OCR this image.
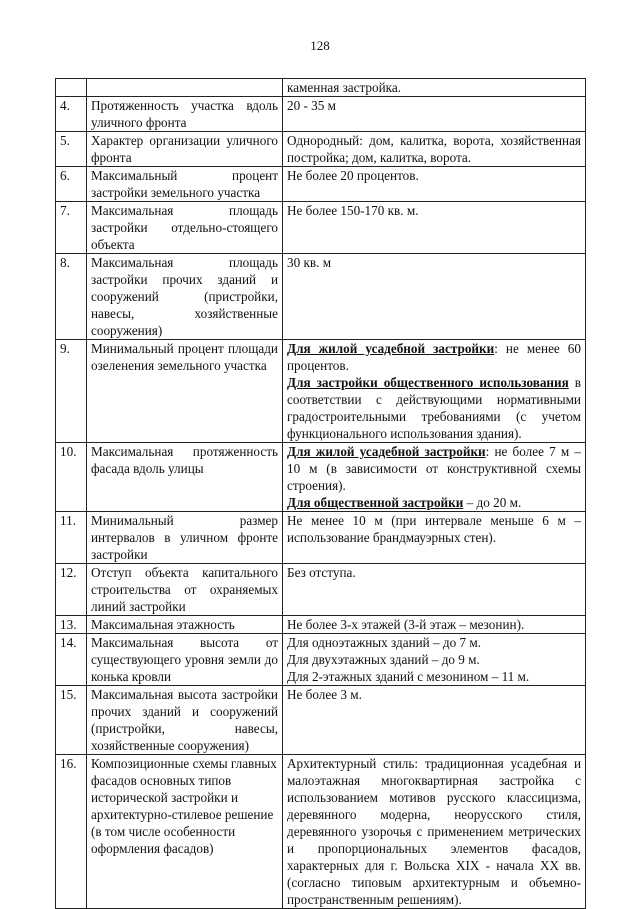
128

		каменная застройка.

4.	Протяженность участка вдоль уличного фронта	20 - 35 м

5.	Характер организации уличного фронта	Однородный: дом, калитка, ворота, хозяйственная постройка; дом, калитка, ворота.

6.	Максимальный процент застройки земельного участка	Не более 20 процентов.

7.	Максимальная площадь застройки отдельно-стоящего объекта	Не более 150-170 кв. м.

8.	Максимальная площадь застройки прочих зданий и сооружений (пристройки, навесы, хозяйственные сооружения)	30 кв. м

9.	Минимальный процент площади озеленения земельного участка	Для жилой усадебной застройки: не менее 60 процентов.
Для застройки общественного использования в соответствии с действующими нормативными градостроительными требованиями (с учетом функционального использования здания).

10.	Максимальная протяженность фасада вдоль улицы	Для жилой усадебной застройки: не более 7 м – 10 м (в зависимости от конструктивной схемы строения).
Для общественной застройки – до 20 м.

11.	Минимальный размер интервалов в уличном фронте застройки	Не менее 10 м (при интервале меньше 6 м – использование брандмауэрных стен).

12.	Отступ объекта капитального строительства от охраняемых линий застройки	Без отступа.

13.	Максимальная этажность	Не более 3-х этажей (3-й этаж – мезонин).

14.	Максимальная высота от существующего уровня земли до конька кровли	Для одноэтажных зданий – до 7 м.
Для двухэтажных зданий – до 9 м.
Для 2-этажных зданий с мезонином – 11 м.

15.	Максимальная высота застройки прочих зданий и сооружений (пристройки, навесы, хозяйственные сооружения)	Не более 3 м.

16.	Композиционные схемы главных фасадов основных типов исторической застройки и архитектурно-стилевое решение (в том числе особенности оформления фасадов)	Архитектурный стиль: традиционная усадебная и малоэтажная многоквартирная застройка с использованием мотивов русского классицизма, деревянного модерна, неорусского стиля, деревянного узорочья с применением метрических и пропорциональных элементов фасадов, характерных для г. Вольска XIX - начала XX вв. (согласно типовым архитектурным и объемно-пространственным решениям).
